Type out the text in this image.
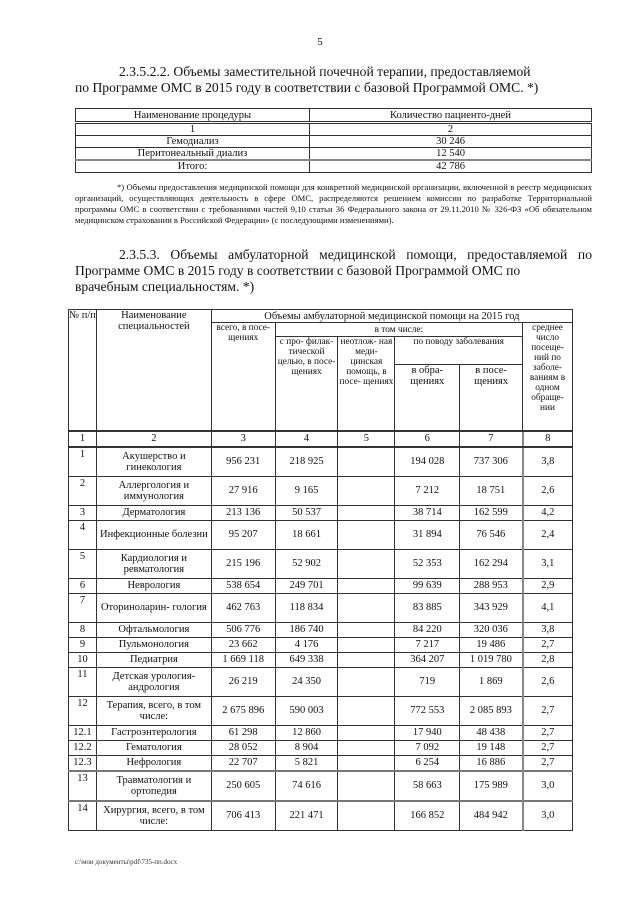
5
2.3.5.2.2. Объемы заместительной почечной терапии, предоставляемой
по Программе ОМС в 2015 году в соответствии с базовой Программой ОМС. *)
Наименование процедуры	Количество пациенто-дней
1	2
Гемодиализ	30 246
Перитонеальный диализ	12 540
Итого:	42 786
*) Объемы предоставления медицинской помощи для конкретной медицинской организации, включенной в реестр медицинских организаций, осуществляющих деятельность в сфере ОМС, распределяются решением комиссии по разработке Территориальной программы ОМС в соответствии с требованиями частей 9,10 статьи 36 Федерального закона от 29.11.2010 № 326-ФЗ «Об обязательном медицинском страховании в Российской Федерации» (с последующими изменениями).
2.3.5.3. Объемы амбулаторной медицинской помощи, предоставляемой по Программе ОМС в 2015 году в соответствии с базовой Программой ОМС по
врачебным специальностям. *)
№ п/п	Наименование специальностей	Объемы амбулаторной медицинской помощи на 2015 год					
		всего, в посе- щениях	в том числе:				среднее число посеще- ний по заболе- ваниям в одном обраще- нии
			с про- филак- тической целью, в посе- щениях	неотлож- ная меди- цинская помощь, в посе- щениях	по поводу заболевания		
					в обра- щениях	в посе- щениях	
1	2	3	4	5	6	7	8
1	Акушерство и гинекология	956 231	218 925		194 028	737 306	3,8
2	Аллергология и иммунология	27 916	9 165		7 212	18 751	2,6
3	Дерматология	213 136	50 537		38 714	162 599	4,2
4	Инфекционные болезни	95 207	18 661		31 894	76 546	2,4
5	Кардиология и ревматология	215 196	52 902		52 353	162 294	3,1
6	Неврология	538 654	249 701		99 639	288 953	2,9
7	Оториноларин- гология	462 763	118 834		83 885	343 929	4,1
8	Офтальмология	506 776	186 740		84 220	320 036	3,8
9	Пульмонология	23 662	4 176		7 217	19 486	2,7
10	Педиатрия	1 669 118	649 338		364 207	1 019 780	2,8
11	Детская урология- андрология	26 219	24 350		719	1 869	2,6
12	Терапия, всего, в том числе:	2 675 896	590 003		772 553	2 085 893	2,7
12.1	Гастроэнтерология	61 298	12 860		17 940	48 438	2,7
12.2	Гематология	28 052	8 904		7 092	19 148	2,7
12.3	Нефрология	22 707	5 821		6 254	16 886	2,7
13	Травматология и ортопедия	250 605	74 616		58 663	175 989	3,0
14	Хирургия, всего, в том числе:	706 413	221 471		166 852	484 942	3,0
c:\мои документы\pdf\735-пп.docx
